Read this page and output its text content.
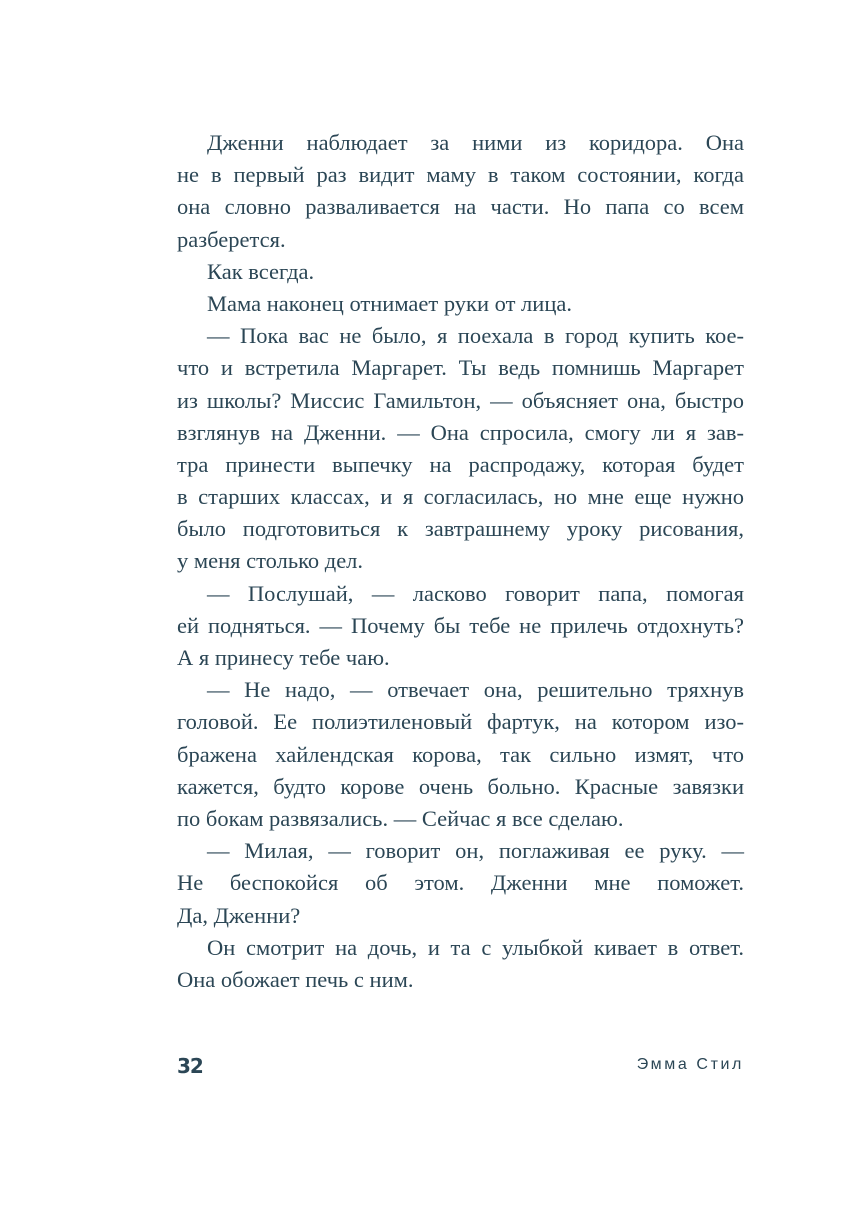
Дженни наблюдает за ними из коридора. Она
не в первый раз видит маму в таком состоянии, когда
она словно разваливается на части. Но папа со всем
разберется.
Как всегда.
Мама наконец отнимает руки от лица.
— Пока вас не было, я поехала в город купить кое-
что и встретила Маргарет. Ты ведь помнишь Маргарет
из школы? Миссис Гамильтон, — объясняет она, быстро
взглянув на Дженни. — Она спросила, смогу ли я зав-
тра принести выпечку на распродажу, которая будет
в старших классах, и я согласилась, но мне еще нужно
было подготовиться к завтрашнему уроку рисования,
у меня столько дел.
— Послушай, — ласково говорит папа, помогая
ей подняться. — Почему бы тебе не прилечь отдохнуть?
А я принесу тебе чаю.
— Не надо, — отвечает она, решительно тряхнув
головой. Ее полиэтиленовый фартук, на котором изо-
бражена хайлендская корова, так сильно измят, что
кажется, будто корове очень больно. Красные завязки
по бокам развязались. — Сейчас я все сделаю.
— Милая, — говорит он, поглаживая ее руку. —
Не беспокойся об этом. Дженни мне поможет.
Да, Дженни?
Он смотрит на дочь, и та с улыбкой кивает в ответ.
Она обожает печь с ним.
32	Эмма Стил
